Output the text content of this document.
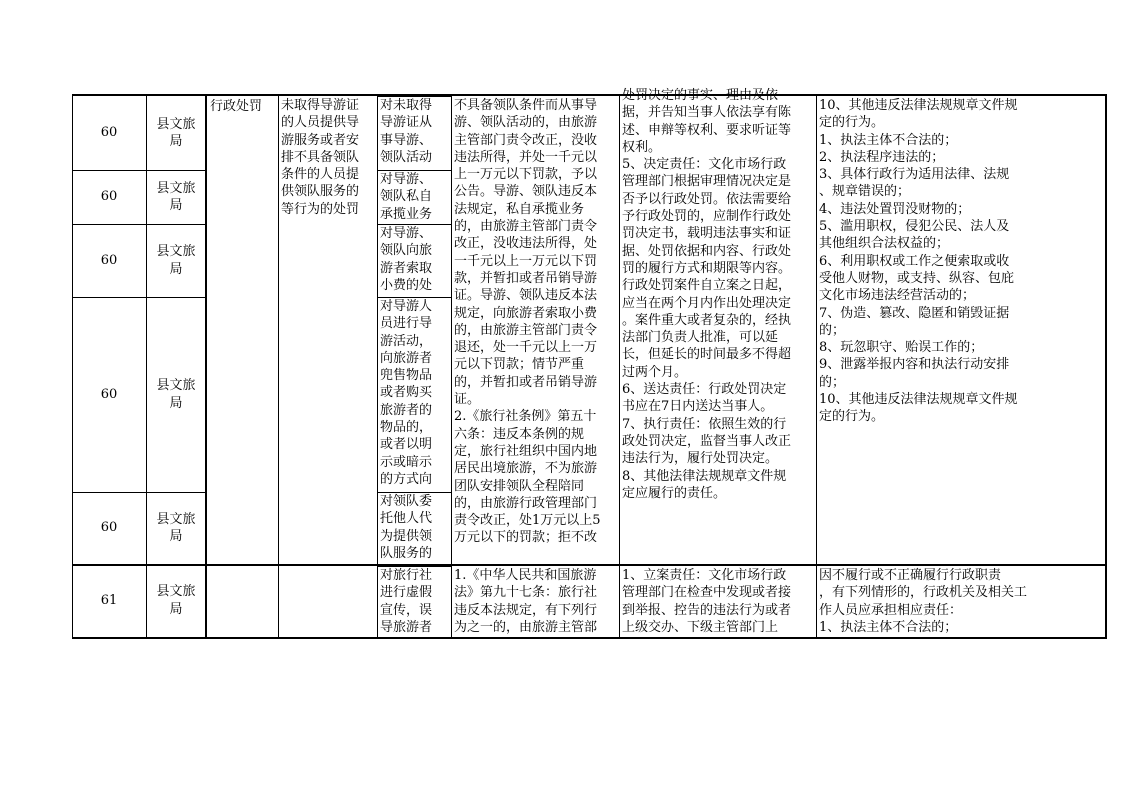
60
县文旅
局
60
县文旅
局
60
县文旅
局
60
县文旅
局
60
县文旅
局
61
县文旅
局
行政处罚	未取得导游证
的人员提供导
游服务或者安
排不具备领队
条件的人员提
供领队服务的
等行为的处罚
对未取得
导游证从
事导游、
领队活动
对导游、
领队私自
承揽业务
对导游、
领队向旅
游者索取
小费的处
对导游人
员进行导
游活动，
向旅游者
兜售物品
或者购买
旅游者的
物品的，
或者以明
示或暗示
的方式向
对领队委
托他人代
为提供领
队服务的
不具备领队条件而从事导
游、领队活动的，由旅游
主管部门责令改正，没收
违法所得，并处一千元以
上一万元以下罚款，予以
公告。导游、领队违反本
法规定，私自承揽业务
的，由旅游主管部门责令
改正，没收违法所得，处
一千元以上一万元以下罚
款，并暂扣或者吊销导游
证。导游、领队违反本法
规定，向旅游者索取小费
的，由旅游主管部门责令
退还，处一千元以上一万
元以下罚款；情节严重
的，并暂扣或者吊销导游
证。
2.《旅行社条例》第五十
六条：违反本条例的规
定，旅行社组织中国内地
居民出境旅游，不为旅游
团队安排领队全程陪同
的，由旅游行政管理部门
责令改正，处1万元以上5
万元以下的罚款；拒不改
据，并告知当事人依法享有陈
述、申辩等权利、要求听证等
权利。
5、决定责任：文化市场行政
管理部门根据审理情况决定是
否予以行政处罚。依法需要给
予行政处罚的，应制作行政处
罚决定书，载明违法事实和证
据、处罚依据和内容、行政处
罚的履行方式和期限等内容。
行政处罚案件自立案之日起，
应当在两个月内作出处理决定
。案件重大或者复杂的，经执
法部门负责人批准，可以延
长，但延长的时间最多不得超
过两个月。
6、送达责任：行政处罚决定
书应在7日内送达当事人。
7、执行责任：依照生效的行
政处罚决定，监督当事人改正
违法行为，履行处罚决定。
8、其他法律法规规章文件规
定应履行的责任。
10、其他违反法律法规规章文件规
定的行为。
1、执法主体不合法的；
2、执法程序违法的；
3、具体行政行为适用法律、法规
、规章错误的；
4、违法处置罚没财物的；
5、滥用职权，侵犯公民、法人及
其他组织合法权益的；
6、利用职权或工作之便索取或收
受他人财物，或支持、纵容、包庇
文化市场违法经营活动的；
7、伪造、篡改、隐匿和销毁证据
的；
8、玩忽职守、贻误工作的；
9、泄露举报内容和执法行动安排
的；
10、其他违反法律法规规章文件规
定的行为。
对旅行社
进行虚假
宣传，误
导旅游者
1.《中华人民共和国旅游
法》第九十七条：旅行社
违反本法规定，有下列行
为之一的，由旅游主管部
1、立案责任：文化市场行政
管理部门在检查中发现或者接
到举报、控告的违法行为或者
上级交办、下级主管部门上
因不履行或不正确履行行政职责
，有下列情形的，行政机关及相关工
作人员应承担相应责任：
1、执法主体不合法的；
